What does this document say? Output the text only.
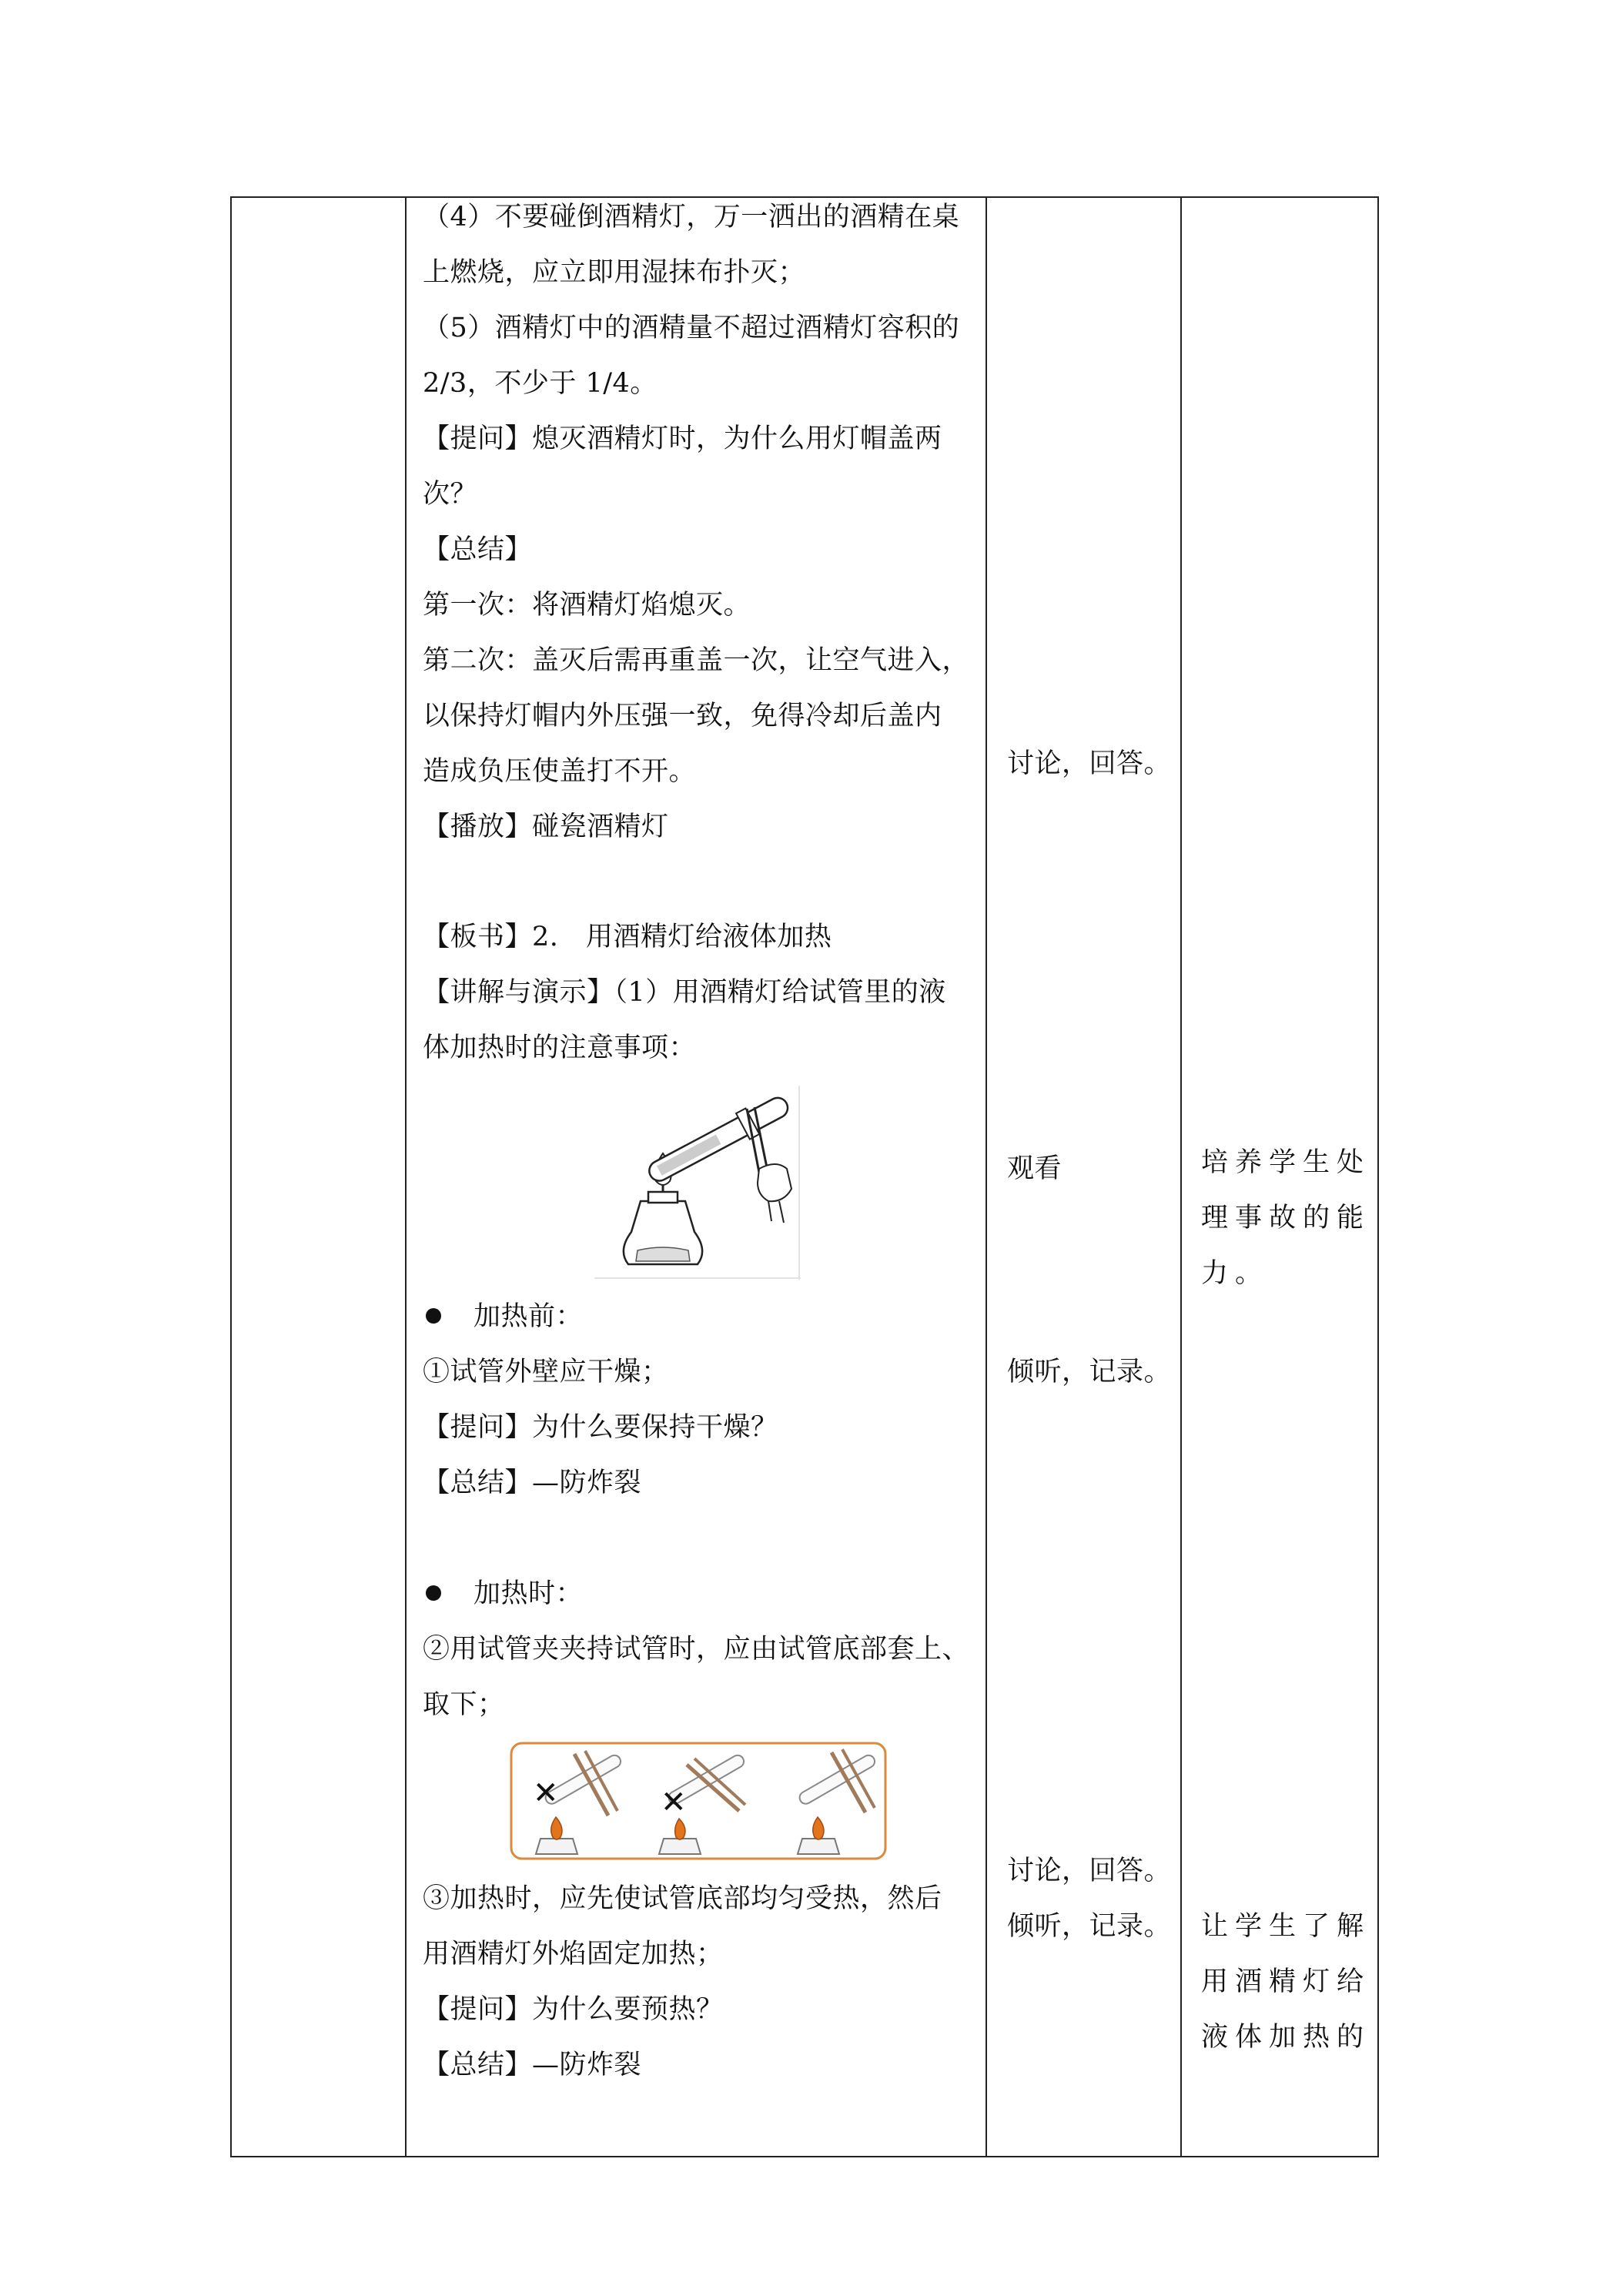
（4）不要碰倒酒精灯，万一洒出的酒精在桌
上燃烧，应立即用湿抹布扑灭；
（5）酒精灯中的酒精量不超过酒精灯容积的
2/3，不少于 1/4。
【提问】熄灭酒精灯时，为什么用灯帽盖两
次？
【总结】
第一次：将酒精灯焰熄灭。
第二次：盖灭后需再重盖一次，让空气进入，
以保持灯帽内外压强一致，免得冷却后盖内
造成负压使盖打不开。
【播放】碰瓷酒精灯
【板书】2.　用酒精灯给液体加热
【讲解与演示】（1）用酒精灯给试管里的液
体加热时的注意事项：
加热前：
①试管外壁应干燥；
【提问】为什么要保持干燥？
【总结】—防炸裂
加热时：
②用试管夹夹持试管时，应由试管底部套上、
取下；
✕	✕
③加热时，应先使试管底部均匀受热，然后
用酒精灯外焰固定加热；
【提问】为什么要预热？
【总结】—防炸裂
讨论，回答。
观看
倾听，记录。
讨论，回答。
倾听，记录。
培养学生处
理事故的能
力。
让学生了解
用酒精灯给
液体加热的
